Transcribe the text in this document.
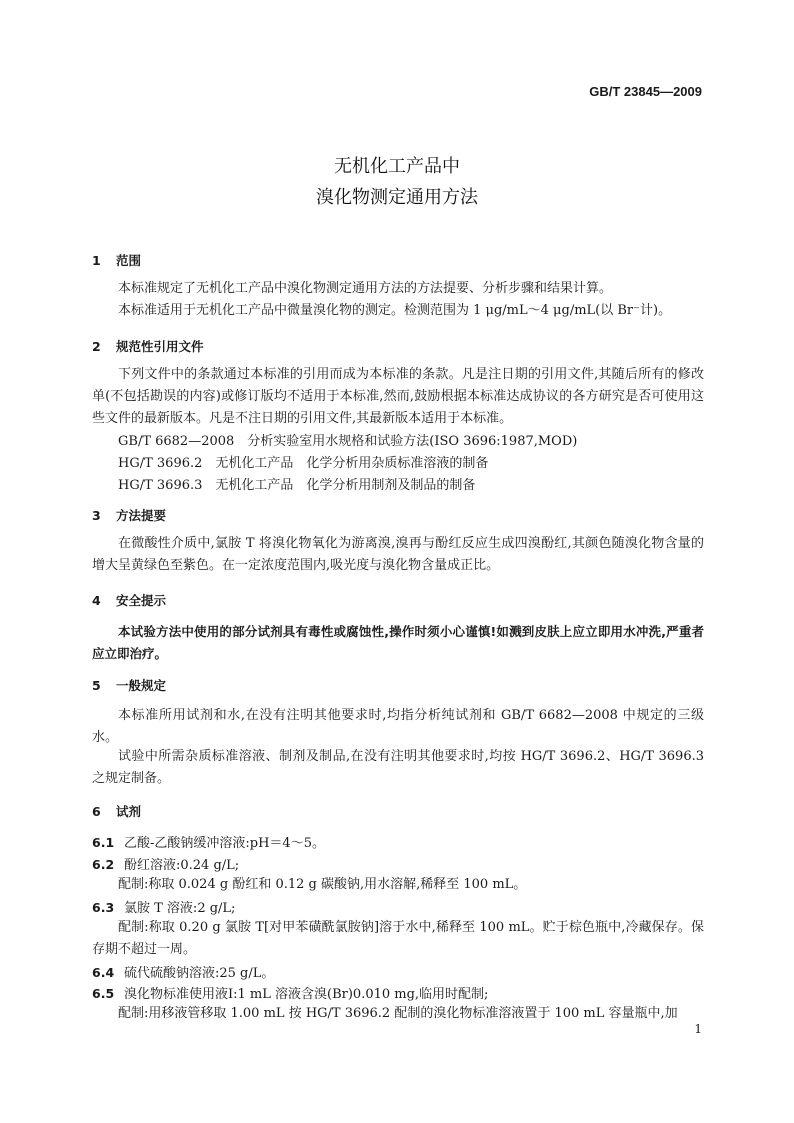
GB/T 23845—2009
无机化工产品中
溴化物测定通用方法
1 范围
本标准规定了无机化工产品中溴化物测定通用方法的方法提要、分析步骤和结果计算。
本标准适用于无机化工产品中微量溴化物的测定。检测范围为 1 μg/mL～4 μg/mL(以 Br⁻计)。
2 规范性引用文件
下列文件中的条款通过本标准的引用而成为本标准的条款。凡是注日期的引用文件,其随后所有的修改单(不包括勘误的内容)或修订版均不适用于本标准,然而,鼓励根据本标准达成协议的各方研究是否可使用这些文件的最新版本。凡是不注日期的引用文件,其最新版本适用于本标准。
GB/T 6682—2008　分析实验室用水规格和试验方法(ISO 3696:1987,MOD)
HG/T 3696.2　无机化工产品　化学分析用杂质标准溶液的制备
HG/T 3696.3　无机化工产品　化学分析用制剂及制品的制备
3 方法提要
在微酸性介质中,氯胺 T 将溴化物氧化为游离溴,溴再与酚红反应生成四溴酚红,其颜色随溴化物含量的增大呈黄绿色至紫色。在一定浓度范围内,吸光度与溴化物含量成正比。
4 安全提示
本试验方法中使用的部分试剂具有毒性或腐蚀性,操作时须小心谨慎!如溅到皮肤上应立即用水冲洗,严重者应立即治疗。
5 一般规定
本标准所用试剂和水,在没有注明其他要求时,均指分析纯试剂和 GB/T 6682—2008 中规定的三级水。
试验中所需杂质标准溶液、制剂及制品,在没有注明其他要求时,均按 HG/T 3696.2、HG/T 3696.3 之规定制备。
6 试剂
6.1 乙酸-乙酸钠缓冲溶液:pH＝4～5。
6.2 酚红溶液:0.24 g/L;
配制:称取 0.024 g 酚红和 0.12 g 碳酸钠,用水溶解,稀释至 100 mL。
6.3 氯胺 T 溶液:2 g/L;
配制:称取 0.20 g 氯胺 T[对甲苯磺酰氯胺钠]溶于水中,稀释至 100 mL。贮于棕色瓶中,冷藏保存。保存期不超过一周。
6.4 硫代硫酸钠溶液:25 g/L。
6.5 溴化物标准使用液Ⅰ:1 mL 溶液含溴(Br)0.010 mg,临用时配制;
配制:用移液管移取 1.00 mL 按 HG/T 3696.2 配制的溴化物标准溶液置于 100 mL 容量瓶中,加
1
